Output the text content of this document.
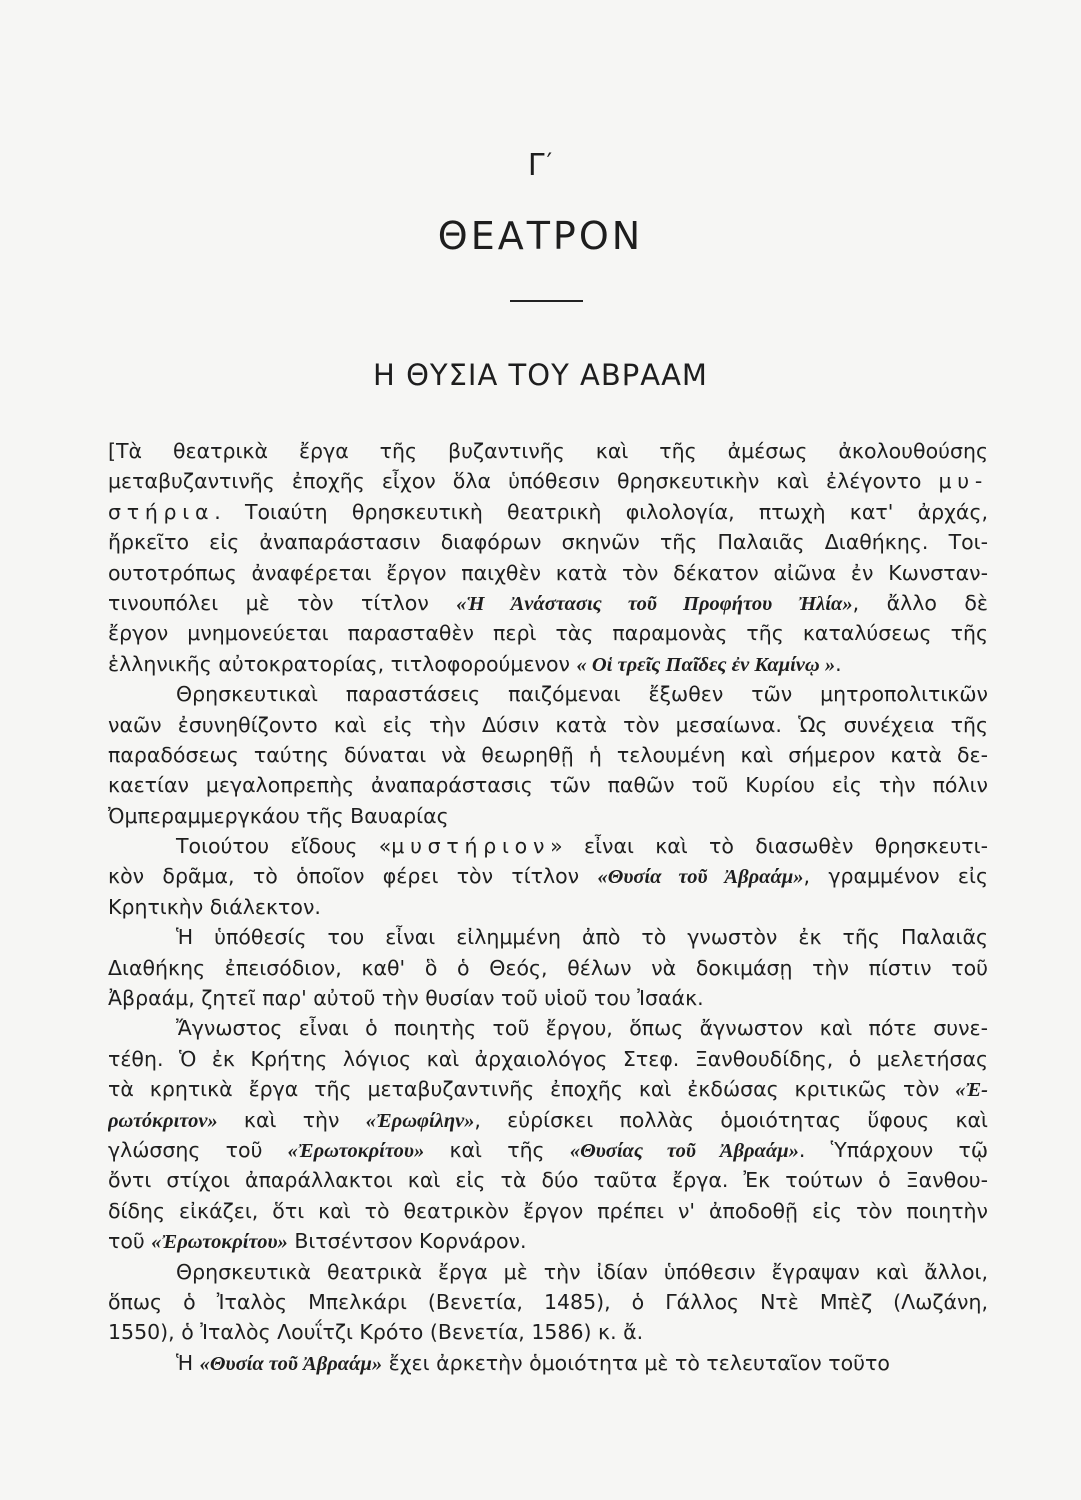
Γ′
ΘΕΑΤΡΟΝ
Η ΘΥΣΙΑ ΤΟΥ ΑΒΡΑΑΜ
[Τὰ θεατρικὰ ἔργα τῆς βυζαντινῆς καὶ τῆς ἀμέσως ἀκολουθούσης
μεταβυζαντινῆς ἐποχῆς εἶχον ὅλα ὑπόθεσιν θρησκευτικὴν καὶ ἐλέγοντο μυ-
στήρια. Τοιαύτη θρησκευτικὴ θεατρικὴ φιλολογία, πτωχὴ κατ' ἀρχάς,
ἤρκεῖτο εἰς ἀναπαράστασιν διαφόρων σκηνῶν τῆς Παλαιᾶς Διαθήκης. Τοι-
ουτοτρόπως ἀναφέρεται ἔργον παιχθὲν κατὰ τὸν δέκατον αἰῶνα ἐν Κωνσταν-
τινουπόλει μὲ τὸν τίτλον «Ἡ Ἀνάστασις τοῦ Προφήτου Ἠλία», ἄλλο δὲ
ἔργον μνημονεύεται παρασταθὲν περὶ τὰς παραμονὰς τῆς καταλύσεως τῆς
ἑλληνικῆς αὐτοκρατορίας, τιτλοφορούμενον « Οἱ τρεῖς Παῖδες ἐν Καμίνῳ ».
Θρησκευτικαὶ παραστάσεις παιζόμεναι ἔξωθεν τῶν μητροπολιτικῶν
ναῶν ἐσυνηθίζοντο καὶ εἰς τὴν Δύσιν κατὰ τὸν μεσαίωνα. Ὡς συνέχεια τῆς
παραδόσεως ταύτης δύναται νὰ θεωρηθῇ ἡ τελουμένη καὶ σήμερον κατὰ δε-
καετίαν μεγαλοπρεπὴς ἀναπαράστασις τῶν παθῶν τοῦ Κυρίου εἰς τὴν πόλιν
Ὀμπεραμμεργκάου τῆς Βαυαρίας
Τοιούτου εἴδους «μυστήριον» εἶναι καὶ τὸ διασωθὲν θρησκευτι-
κὸν δρᾶμα, τὸ ὁποῖον φέρει τὸν τίτλον «Θυσία τοῦ Ἀβραάμ», γραμμένον εἰς
Κρητικὴν διάλεκτον.
Ἡ ὑπόθεσίς του εἶναι εἰλημμένη ἀπὸ τὸ γνωστὸν ἐκ τῆς Παλαιᾶς
Διαθήκης ἐπεισόδιον, καθ' ὃ ὁ Θεός, θέλων νὰ δοκιμάσῃ τὴν πίστιν τοῦ
Ἀβραάμ, ζητεῖ παρ' αὐτοῦ τὴν θυσίαν τοῦ υἱοῦ του Ἰσαάκ.
Ἄγνωστος εἶναι ὁ ποιητὴς τοῦ ἔργου, ὅπως ἄγνωστον καὶ πότε συνε-
τέθη. Ὁ ἐκ Κρήτης λόγιος καὶ ἀρχαιολόγος Στεφ. Ξανθουδίδης, ὁ μελετήσας
τὰ κρητικὰ ἔργα τῆς μεταβυζαντινῆς ἐποχῆς καὶ ἐκδώσας κριτικῶς τὸν «Ἐ-
ρωτόκριτον» καὶ τὴν «Ἐρωφίλην», εὑρίσκει πολλὰς ὁμοιότητας ὕφους καὶ
γλώσσης τοῦ «Ἐρωτοκρίτου» καὶ τῆς «Θυσίας τοῦ Ἀβραάμ». Ὑπάρχουν τῷ
ὄντι στίχοι ἀπαράλλακτοι καὶ εἰς τὰ δύο ταῦτα ἔργα. Ἐκ τούτων ὁ Ξανθου-
δίδης εἰκάζει, ὅτι καὶ τὸ θεατρικὸν ἔργον πρέπει ν' ἀποδοθῇ εἰς τὸν ποιητὴν
τοῦ «Ἐρωτοκρίτου» Βιτσέντσον Κορνάρον.
Θρησκευτικὰ θεατρικὰ ἔργα μὲ τὴν ἰδίαν ὑπόθεσιν ἔγραψαν καὶ ἄλλοι,
ὅπως ὁ Ἰταλὸς Μπελκάρι (Βενετία, 1485), ὁ Γάλλος Ντὲ Μπὲζ (Λωζάνη,
1550), ὁ Ἰταλὸς Λουΐτζι Κρότο (Βενετία, 1586) κ. ἄ.
Ἡ «Θυσία τοῦ Ἀβραάμ» ἔχει ἀρκετὴν ὁμοιότητα μὲ τὸ τελευταῖον τοῦτο
